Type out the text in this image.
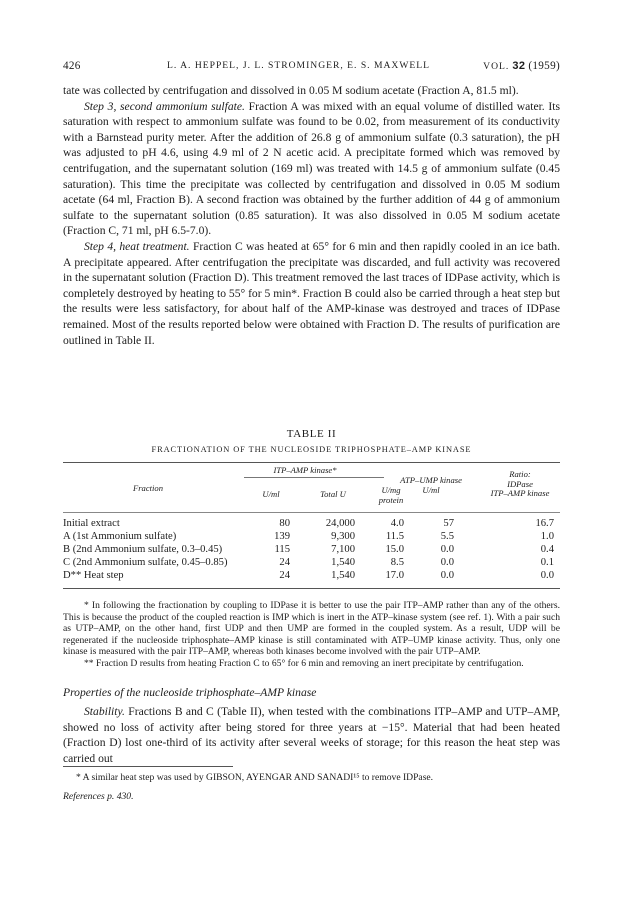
426	L. A. HEPPEL, J. L. STROMINGER, E. S. MAXWELL	VOL. 32 (1959)

tate was collected by centrifugation and dissolved in 0.05 M sodium acetate (Fraction A, 81.5 ml).

Step 3, second ammonium sulfate. Fraction A was mixed with an equal volume of distilled water. Its saturation with respect to ammonium sulfate was found to be 0.02, from measurement of its conductivity with a Barnstead purity meter. After the addition of 26.8 g of ammonium sulfate (0.3 saturation), the pH was adjusted to pH 4.6, using 4.9 ml of 2 N acetic acid. A precipitate formed which was removed by centrifugation, and the supernatant solution (169 ml) was treated with 14.5 g of ammonium sulfate (0.45 saturation). This time the precipitate was collected by centrifugation and dissolved in 0.05 M sodium acetate (64 ml, Fraction B). A second fraction was obtained by the further addition of 44 g of ammonium sulfate to the supernatant solution (0.85 saturation). It was also dissolved in 0.05 M sodium acetate (Fraction C, 71 ml, pH 6.5-7.0).

Step 4, heat treatment. Fraction C was heated at 65° for 6 min and then rapidly cooled in an ice bath. A precipitate appeared. After centrifugation the precipitate was discarded, and full activity was recovered in the supernatant solution (Fraction D). This treatment removed the last traces of IDPase activity, which is completely destroyed by heating to 55° for 5 min*. Fraction B could also be carried through a heat step but the results were less satisfactory, for about half of the AMP-kinase was destroyed and traces of IDPase remained. Most of the results reported below were obtained with Fraction D. The results of purification are outlined in Table II.

TABLE II
FRACTIONATION OF THE NUCLEOSIDE TRIPHOSPHATE–AMP KINASE
ITP–AMP kinase*
Fraction
U/ml	Total U	U/mg
protein
ATP–UMP kinase
U/ml
Ratio:
IDPase
ITP–AMP kinase
Initial extract	80	24,000	4.0	57	16.7
A (1st Ammonium sulfate)	139	9,300	11.5	5.5	1.0
B (2nd Ammonium sulfate, 0.3–0.45)	115	7,100	15.0	0.0	0.4
C (2nd Ammonium sulfate, 0.45–0.85)	24	1,540	8.5	0.0	0.1
D** Heat step	24	1,540	17.0	0.0	0.0

* In following the fractionation by coupling to IDPase it is better to use the pair ITP–AMP rather than any of the others. This is because the product of the coupled reaction is IMP which is inert in the ATP–kinase system (see ref. 1). With a pair such as UTP–AMP, on the other hand, first UDP and then UMP are formed in the coupled system. As a result, UDP will be regenerated if the nucleoside triphosphate–AMP kinase is still contaminated with ATP–UMP kinase activity. Thus, only one kinase is measured with the pair ITP–AMP, whereas both kinases become involved with the pair UTP–AMP.

** Fraction D results from heating Fraction C to 65° for 6 min and removing an inert precipitate by centrifugation.

Properties of the nucleoside triphosphate–AMP kinase

Stability. Fractions B and C (Table II), when tested with the combinations ITP–AMP and UTP–AMP, showed no loss of activity after being stored for three years at −15°. Material that had been heated (Fraction D) lost one-third of its activity after several weeks of storage; for this reason the heat step was carried out

* A similar heat step was used by GIBSON, AYENGAR AND SANADI¹⁵ to remove IDPase.
References p. 430.
